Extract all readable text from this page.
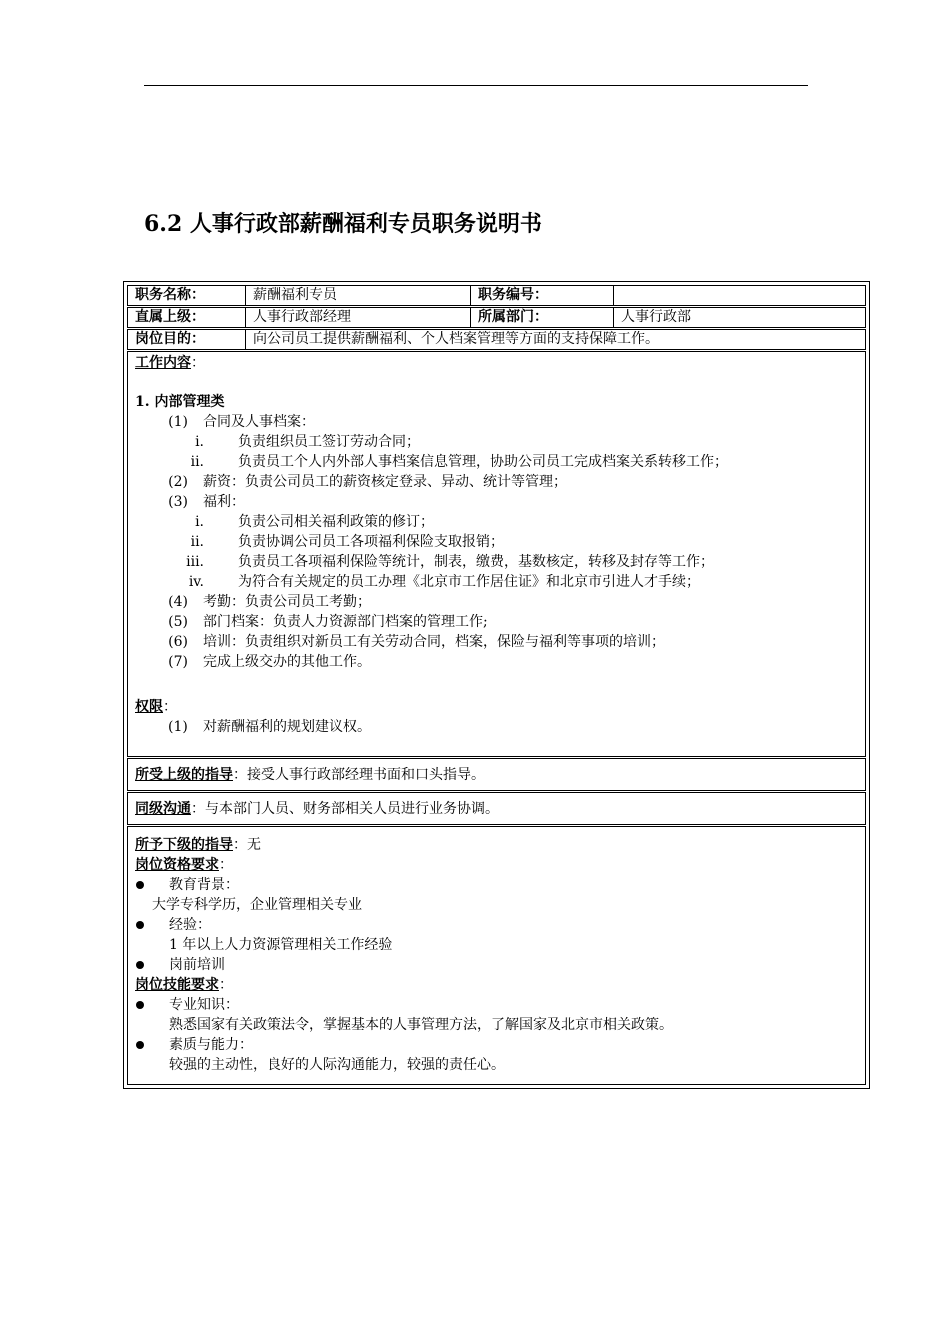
6.2 人事行政部薪酬福利专员职务说明书
职务名称：	薪酬福利专员	职务编号：
直属上级：	人事行政部经理	所属部门：	人事行政部
岗位目的：	向公司员工提供薪酬福利、个人档案管理等方面的支持保障工作。
工作内容：
1. 内部管理类
(1) 合同及人事档案：
i. 负责组织员工签订劳动合同；
ii. 负责员工个人内外部人事档案信息管理，协助公司员工完成档案关系转移工作；
(2) 薪资：负责公司员工的薪资核定登录、异动、统计等管理；
(3) 福利：
i. 负责公司相关福利政策的修订；
ii. 负责协调公司员工各项福利保险支取报销；
iii. 负责员工各项福利保险等统计，制表，缴费，基数核定，转移及封存等工作；
iv. 为符合有关规定的员工办理《北京市工作居住证》和北京市引进人才手续；
(4) 考勤：负责公司员工考勤；
(5) 部门档案：负责人力资源部门档案的管理工作;
(6) 培训：负责组织对新员工有关劳动合同，档案，保险与福利等事项的培训；
(7) 完成上级交办的其他工作。
权限：
(1) 对薪酬福利的规划建议权。
所受上级的指导：接受人事行政部经理书面和口头指导。
同级沟通：与本部门人员、财务部相关人员进行业务协调。
所予下级的指导：无
岗位资格要求：
教育背景：
大学专科学历，企业管理相关专业
经验：
1 年以上人力资源管理相关工作经验
岗前培训
岗位技能要求：
专业知识：
熟悉国家有关政策法令，掌握基本的人事管理方法，了解国家及北京市相关政策。
素质与能力：
较强的主动性，良好的人际沟通能力，较强的责任心。
